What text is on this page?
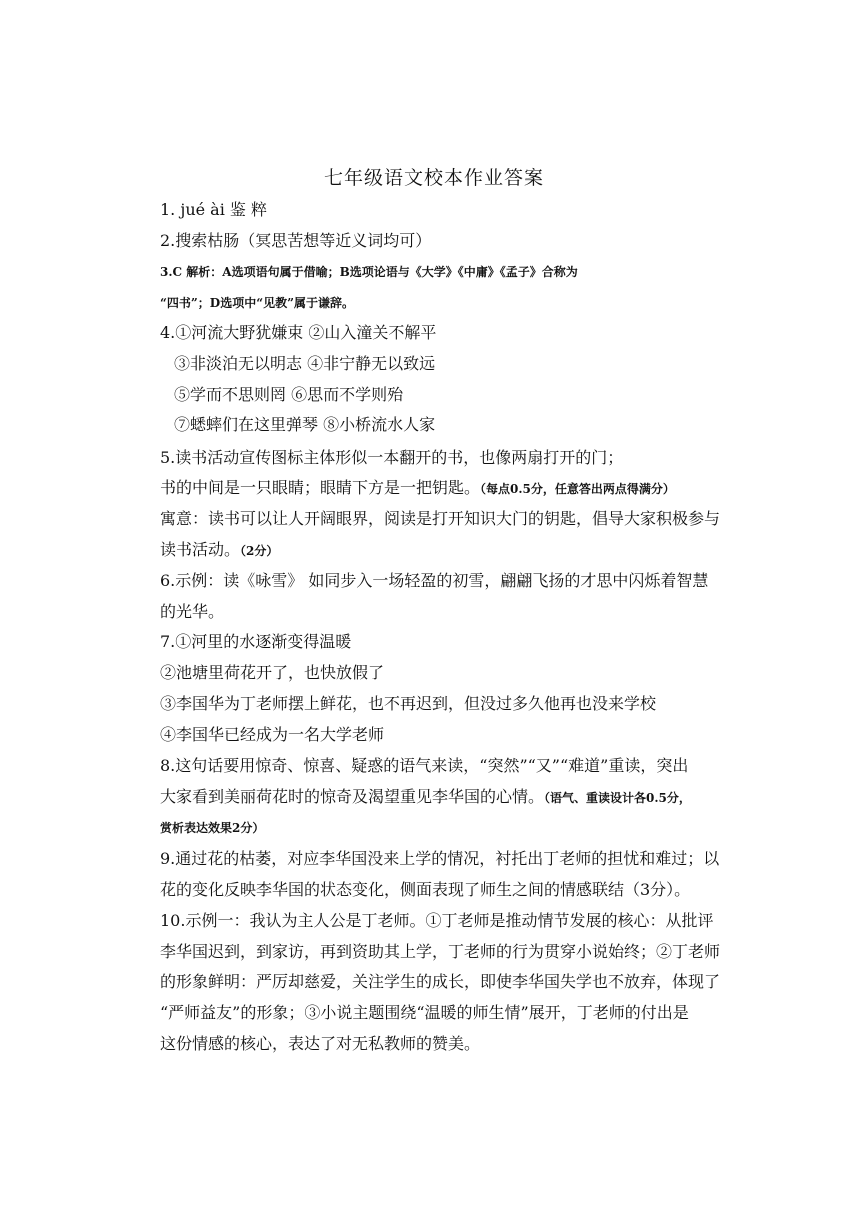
七年级语文校本作业答案
1. jué ài 鉴 粹
2.搜索枯肠（冥思苦想等近义词均可）
3.C 解析：A选项语句属于借喻；B选项论语与《大学》《中庸》《孟子》合称为
“四书”；D选项中“见教”属于谦辞。
4.①河流大野犹嫌束 ②山入潼关不解平
③非淡泊无以明志 ④非宁静无以致远
⑤学而不思则罔 ⑥思而不学则殆
⑦蟋蟀们在这里弹琴 ⑧小桥流水人家
5.读书活动宣传图标主体形似一本翻开的书，也像两扇打开的门；
书的中间是一只眼睛；眼睛下方是一把钥匙。（每点0.5分，任意答出两点得满分）
寓意：读书可以让人开阔眼界，阅读是打开知识大门的钥匙，倡导大家积极参与
读书活动。（2分）
6.示例：读《咏雪》 如同步入一场轻盈的初雪，翩翩飞扬的才思中闪烁着智慧
的光华。
7.①河里的水逐渐变得温暖
②池塘里荷花开了，也快放假了
③李国华为丁老师摆上鲜花，也不再迟到，但没过多久他再也没来学校
④李国华已经成为一名大学老师
8.这句话要用惊奇、惊喜、疑惑的语气来读，“突然”“又”“难道”重读，突出
大家看到美丽荷花时的惊奇及渴望重见李华国的心情。（语气、重读设计各0.5分，
赏析表达效果2分）
9.通过花的枯萎，对应李华国没来上学的情况，衬托出丁老师的担忧和难过；以
花的变化反映李华国的状态变化，侧面表现了师生之间的情感联结（3分）。
10.示例一：我认为主人公是丁老师。①丁老师是推动情节发展的核心：从批评
李华国迟到，到家访，再到资助其上学，丁老师的行为贯穿小说始终；②丁老师
的形象鲜明：严厉却慈爱，关注学生的成长，即使李华国失学也不放弃，体现了
“严师益友”的形象；③小说主题围绕“温暖的师生情”展开，丁老师的付出是
这份情感的核心，表达了对无私教师的赞美。
